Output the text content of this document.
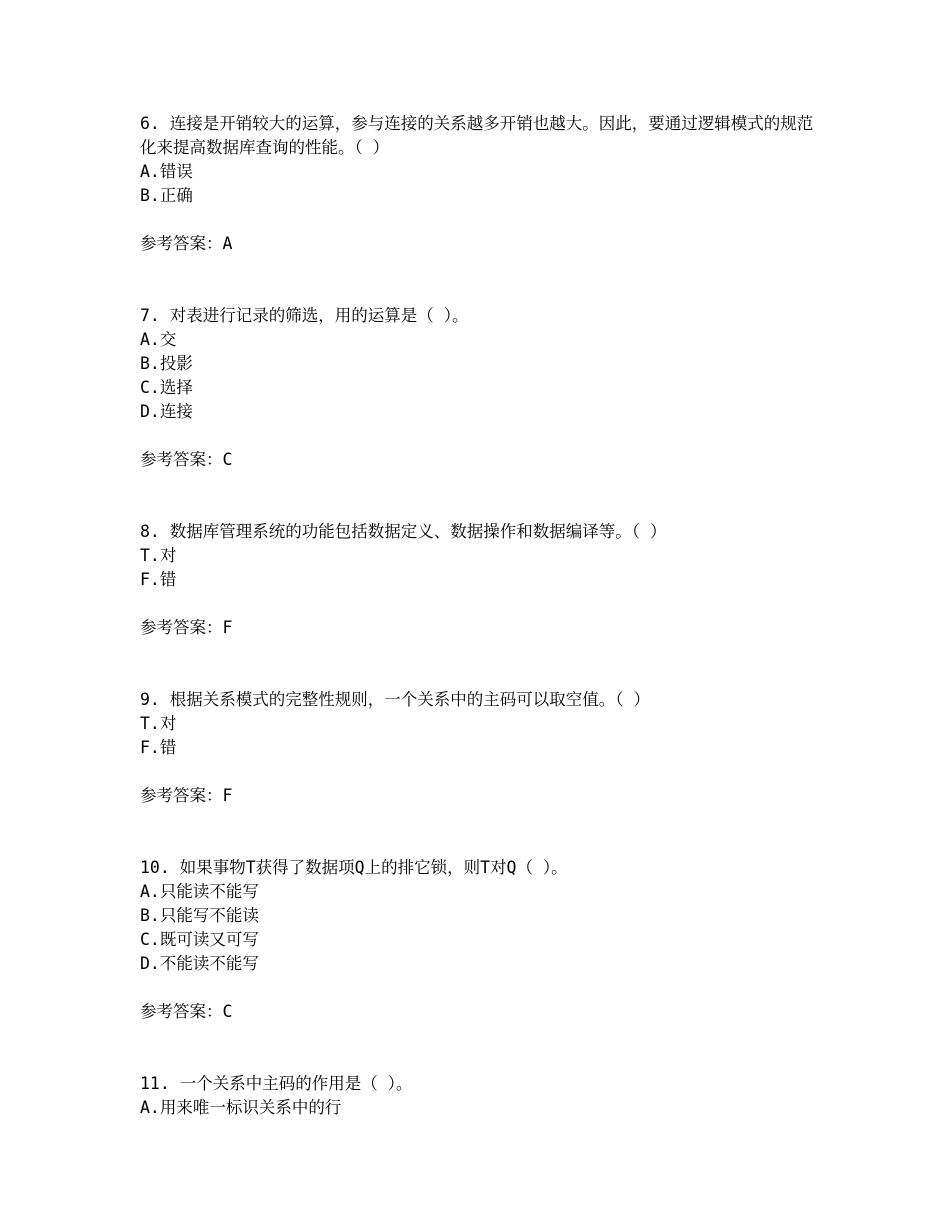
6. 连接是开销较大的运算，参与连接的关系越多开销也越大。因此，要通过逻辑模式的规范化来提高数据库查询的性能。（ ）

A.错误

B.正确

参考答案：A

7. 对表进行记录的筛选，用的运算是（ ）。

A.交

B.投影

C.选择

D.连接

参考答案：C

8. 数据库管理系统的功能包括数据定义、数据操作和数据编译等。（ ）

T.对

F.错

参考答案：F

9. 根据关系模式的完整性规则，一个关系中的主码可以取空值。（ ）

T.对

F.错

参考答案：F

10. 如果事物T获得了数据项Q上的排它锁，则T对Q（ ）。

A.只能读不能写

B.只能写不能读

C.既可读又可写

D.不能读不能写

参考答案：C

11. 一个关系中主码的作用是（ ）。

A.用来唯一标识关系中的行
